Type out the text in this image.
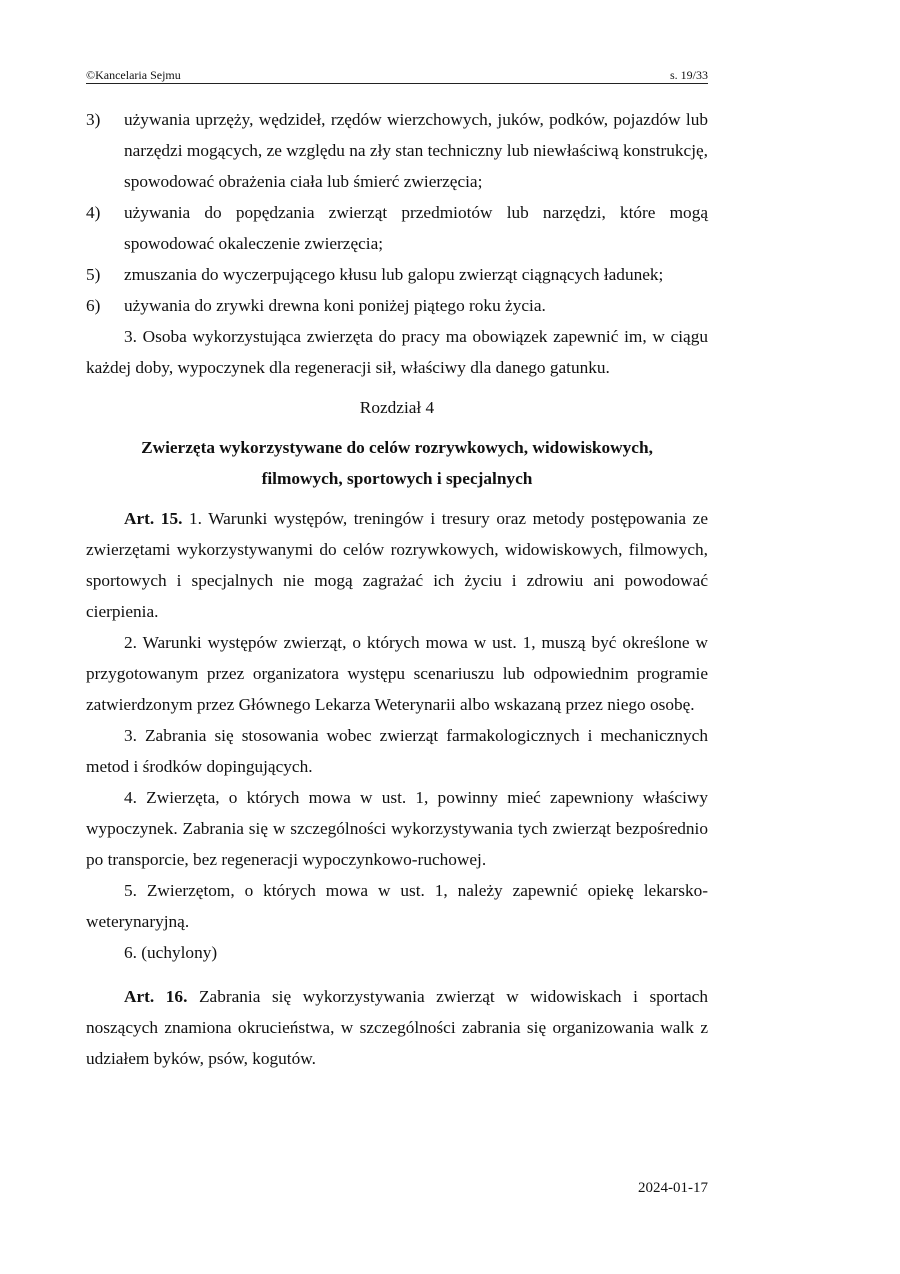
©Kancelaria Sejmu	s. 19/33
3)	używania uprzęży, wędzideł, rzędów wierzchowych, juków, podków, pojazdów lub narzędzi mogących, ze względu na zły stan techniczny lub niewłaściwą konstrukcję, spowodować obrażenia ciała lub śmierć zwierzęcia;
4)	używania do popędzania zwierząt przedmiotów lub narzędzi, które mogą spowodować okaleczenie zwierzęcia;
5)	zmuszania do wyczerpującego kłusu lub galopu zwierząt ciągnących ładunek;
6)	używania do zrywki drewna koni poniżej piątego roku życia.

3. Osoba wykorzystująca zwierzęta do pracy ma obowiązek zapewnić im, w ciągu każdej doby, wypoczynek dla regeneracji sił, właściwy dla danego gatunku.

Rozdział 4

Zwierzęta wykorzystywane do celów rozrywkowych, widowiskowych,

filmowych, sportowych i specjalnych

Art. 15. 1. Warunki występów, treningów i tresury oraz metody postępowania ze zwierzętami wykorzystywanymi do celów rozrywkowych, widowiskowych, filmowych, sportowych i specjalnych nie mogą zagrażać ich życiu i zdrowiu ani powodować cierpienia.

2. Warunki występów zwierząt, o których mowa w ust. 1, muszą być określone w przygotowanym przez organizatora występu scenariuszu lub odpowiednim programie zatwierdzonym przez Głównego Lekarza Weterynarii albo wskazaną przez niego osobę.

3. Zabrania się stosowania wobec zwierząt farmakologicznych i mechanicznych metod i środków dopingujących.

4. Zwierzęta, o których mowa w ust. 1, powinny mieć zapewniony właściwy wypoczynek. Zabrania się w szczególności wykorzystywania tych zwierząt bezpośrednio po transporcie, bez regeneracji wypoczynkowo-ruchowej.

5. Zwierzętom, o których mowa w ust. 1, należy zapewnić opiekę lekarsko-weterynaryjną.

6. (uchylony)

Art. 16. Zabrania się wykorzystywania zwierząt w widowiskach i sportach noszących znamiona okrucieństwa, w szczególności zabrania się organizowania walk z udziałem byków, psów, kogutów.

2024-01-17
